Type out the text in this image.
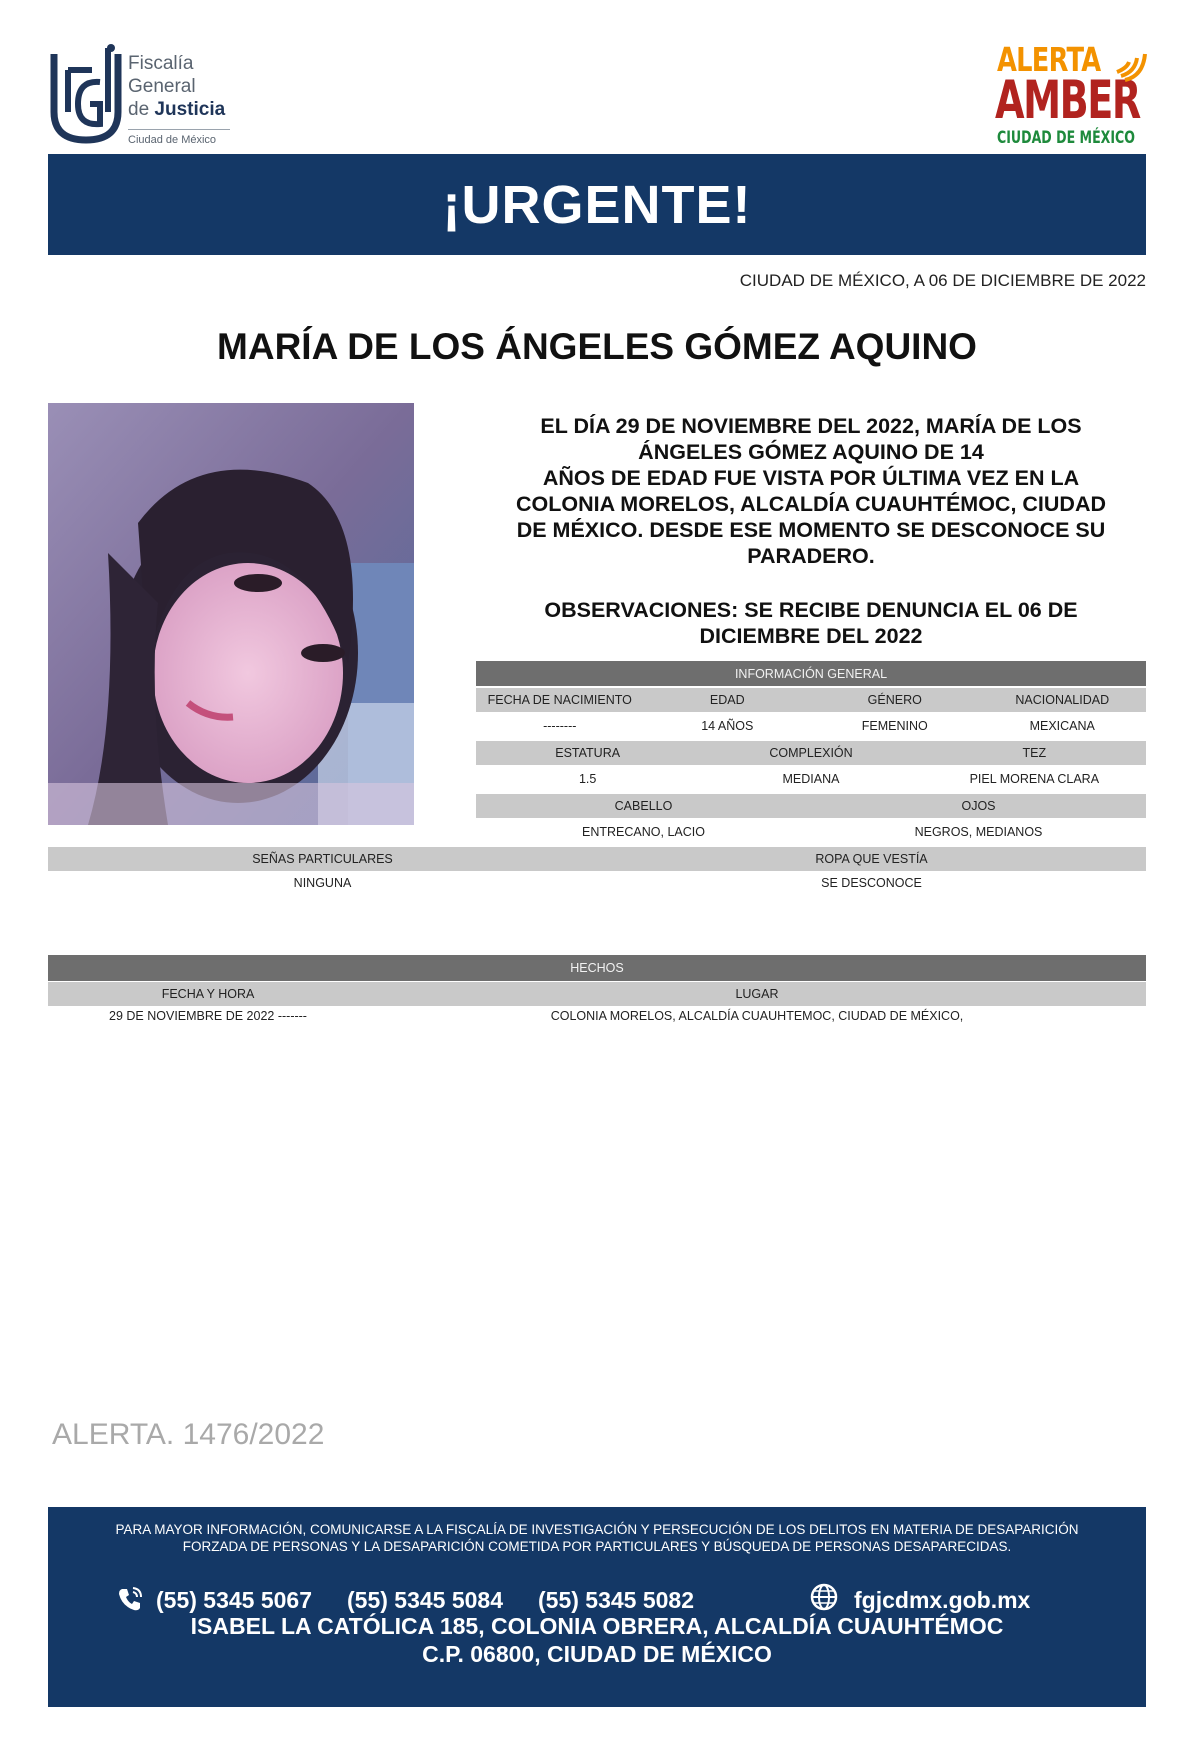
Fiscalía
General
de Justicia
Ciudad de México
ALERTA
AMBER
CIUDAD DE MÉXICO
¡URGENTE!
CIUDAD DE MÉXICO, A 06 DE DICIEMBRE DE 2022
MARÍA DE LOS ÁNGELES GÓMEZ AQUINO
EL DÍA 29 DE NOVIEMBRE DEL 2022, MARÍA DE LOS
ÁNGELES GÓMEZ AQUINO DE 14
AÑOS DE EDAD FUE VISTA POR ÚLTIMA VEZ EN LA
COLONIA MORELOS, ALCALDÍA CUAUHTÉMOC, CIUDAD
DE MÉXICO. DESDE ESE MOMENTO SE DESCONOCE SU
PARADERO.
OBSERVACIONES: SE RECIBE DENUNCIA EL 06 DE
DICIEMBRE DEL 2022
INFORMACIÓN GENERAL
FECHA DE NACIMIENTO	EDAD	GÉNERO	NACIONALIDAD
--------	14 AÑOS	FEMENINO	MEXICANA
ESTATURA	COMPLEXIÓN	TEZ
1.5	MEDIANA	PIEL MORENA CLARA
CABELLO	OJOS
ENTRECANO, LACIO	NEGROS, MEDIANOS
SEÑAS PARTICULARES	ROPA QUE VESTÍA
NINGUNA	SE DESCONOCE
HECHOS
FECHA Y HORA	LUGAR
29 DE NOVIEMBRE DE 2022 -------	COLONIA MORELOS, ALCALDÍA CUAUHTEMOC, CIUDAD DE MÉXICO,
ALERTA. 1476/2022
PARA MAYOR INFORMACIÓN, COMUNICARSE A LA FISCALÍA DE INVESTIGACIÓN Y PERSECUCIÓN DE LOS DELITOS EN MATERIA DE DESAPARICIÓN
FORZADA DE PERSONAS Y LA DESAPARICIÓN COMETIDA POR PARTICULARES Y BÚSQUEDA DE PERSONAS DESAPARECIDAS.
(55) 5345 5067 (55) 5345 5084 (55) 5345 5082	fgjcdmx.gob.mx
ISABEL LA CATÓLICA 185, COLONIA OBRERA, ALCALDÍA CUAUHTÉMOC
C.P. 06800, CIUDAD DE MÉXICO
